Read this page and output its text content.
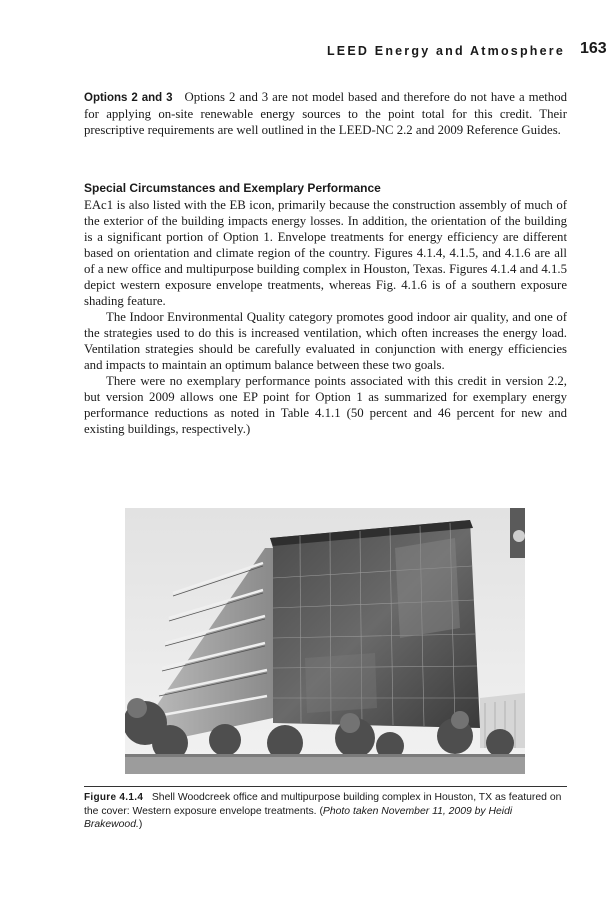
LEED Energy and Atmosphere 163

Options 2 and 3 Options 2 and 3 are not model based and therefore do not have a method for applying on-site renewable energy sources to the point total for this credit. Their prescriptive requirements are well outlined in the LEED-NC 2.2 and 2009 Reference Guides.

Special Circumstances and Exemplary Performance

EAc1 is also listed with the EB icon, primarily because the construction assembly of much of the exterior of the building impacts energy losses. In addition, the orientation of the building is a significant portion of Option 1. Envelope treatments for energy efficiency are different based on orientation and climate region of the country. Figures 4.1.4, 4.1.5, and 4.1.6 are all of a new office and multipurpose building complex in Houston, Texas. Figures 4.1.4 and 4.1.5 depict western exposure envelope treatments, whereas Fig. 4.1.6 is of a southern exposure shading feature.

The Indoor Environmental Quality category promotes good indoor air quality, and one of the strategies used to do this is increased ventilation, which often increases the energy load. Ventilation strategies should be carefully evaluated in conjunction with energy efficiencies and impacts to maintain an optimum balance between these two goals.

There were no exemplary performance points associated with this credit in version 2.2, but version 2009 allows one EP point for Option 1 as summarized for exemplary energy performance reductions as noted in Table 4.1.1 (50 percent and 46 percent for new and existing buildings, respectively.)

Figure 4.1.4 Shell Woodcreek office and multipurpose building complex in Houston, TX as featured on the cover: Western exposure envelope treatments. (Photo taken November 11, 2009 by Heidi Brakewood.)
